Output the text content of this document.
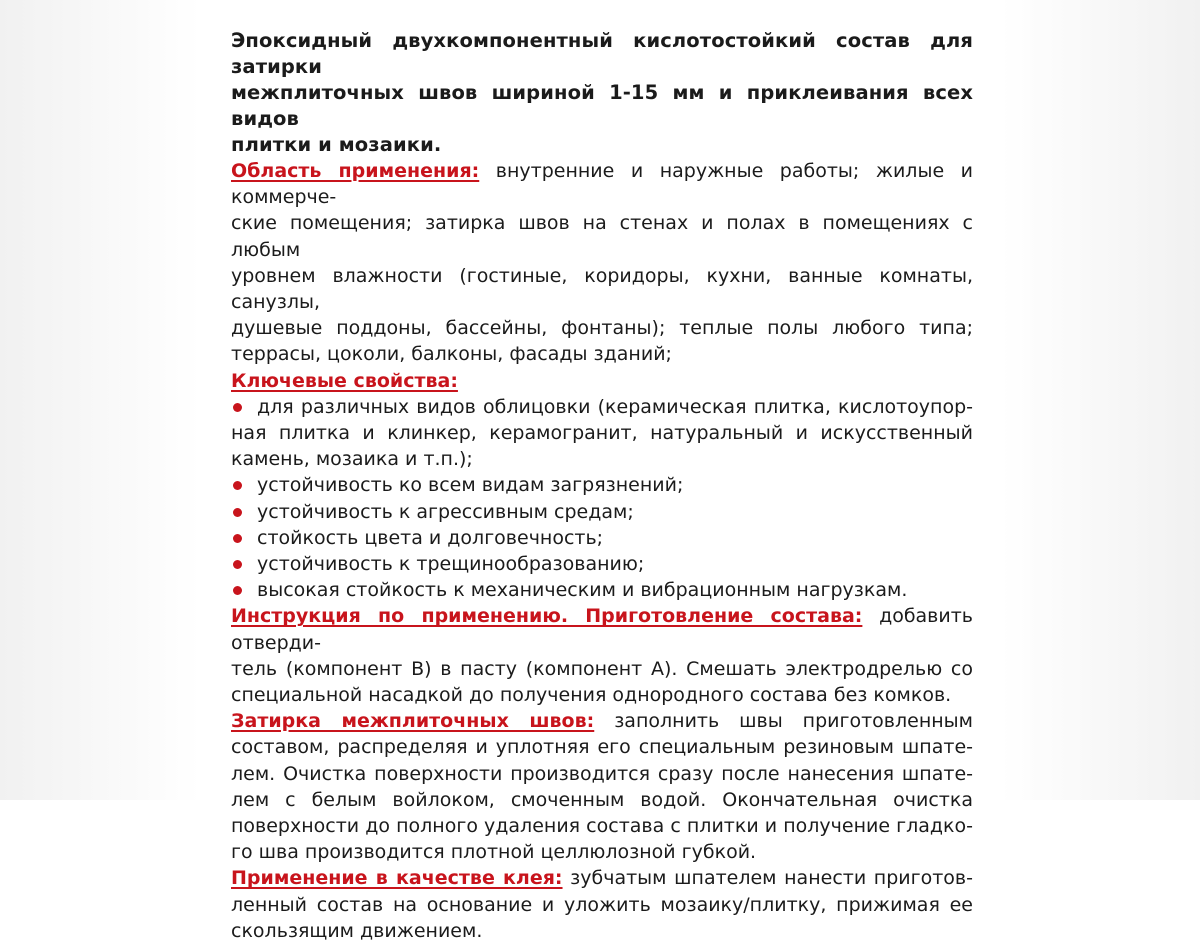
Эпоксидный двухкомпонентный кислотостойкий состав для затирки
межплиточных швов шириной 1-15 мм и приклеивания всех видов
плитки и мозаики.
Область применения: внутренние и наружные работы; жилые и коммерче-
ские помещения; затирка швов на стенах и полах в помещениях с любым
уровнем влажности (гостиные, коридоры, кухни, ванные комнаты, санузлы,
душевые поддоны, бассейны, фонтаны); теплые полы любого типа;
террасы, цоколи, балконы, фасады зданий;
Ключевые свойства:
для различных видов облицовки (керамическая плитка, кислотоупор-
ная плитка и клинкер, керамогранит, натуральный и искусственный
камень, мозаика и т.п.);
устойчивость ко всем видам загрязнений;
устойчивость к агрессивным средам;
стойкость цвета и долговечность;
устойчивость к трещинообразованию;
высокая стойкость к механическим и вибрационным нагрузкам.
Инструкция по применению. Приготовление состава: добавить отверди-
тель (компонент В) в пасту (компонент А). Смешать электродрелью со
специальной насадкой до получения однородного состава без комков.
Затирка межплиточных швов: заполнить швы приготовленным
составом, распределяя и уплотняя его специальным резиновым шпате-
лем. Очистка поверхности производится сразу после нанесения шпате-
лем с белым войлоком, смоченным водой. Окончательная очистка
поверхности до полного удаления состава с плитки и получение гладко-
го шва производится плотной целлюлозной губкой.
Применение в качестве клея: зубчатым шпателем нанести приготов-
ленный состав на основание и уложить мозаику/плитку, прижимая ее
скользящим движением.
